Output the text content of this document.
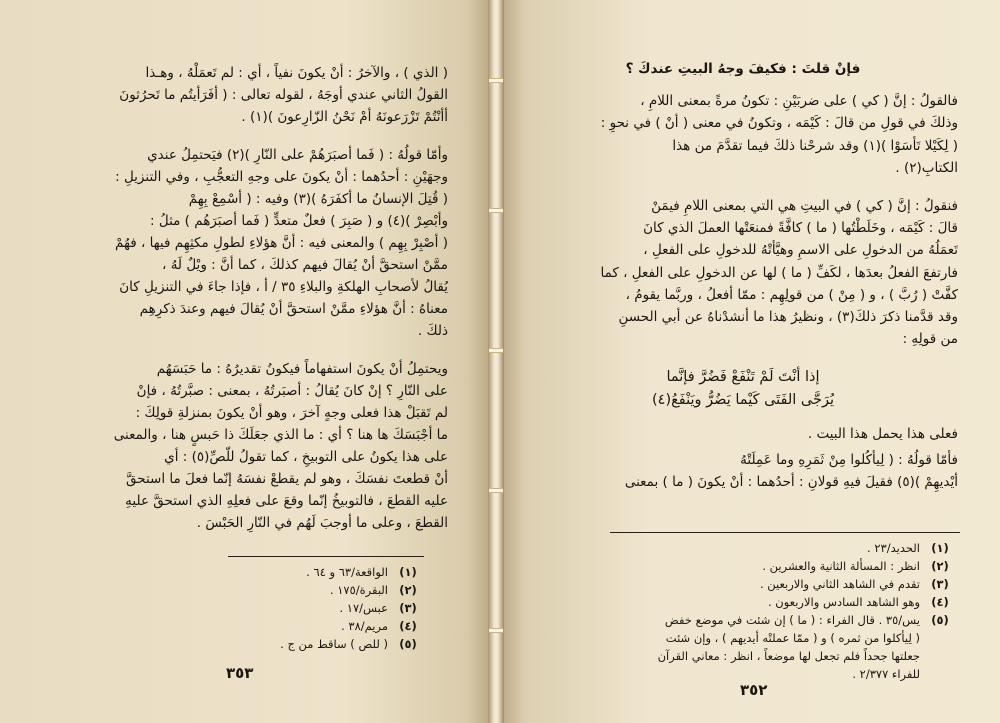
( الذي ) ، والآخرُ : أنْ يكونَ نفياً ، أي : لم تَعمَلْهُ ، وهـذا
القولُ الثاني عندي أوجَهُ ، لقوله تعالى : ( أفَرَأيتُم ما تَحرُثونَ
أأنْتُمْ تَزْرَعونَهُ أمْ نَحْنُ الزّارِعونَ )(١) .
وأمّا قولُهُ : ( فَما أصبَرَهُمْ على النّارِ )(٢) فيَحتمِلُ عندي
وجهَيْنِ : أحدُهما : أنْ يكونَ على وجهِ التعجُّبِ ، وفي التنزيلِ :
( قُتِلَ الإنسانُ ما أكفَرَهُ )(٣) وفيه : ( أسْمِعْ بِهِمْ
وأبْصِرْ )(٤) و ( صَبِرَ ) فعلٌ متعدٍّ ( فَما أصبَرَهُم ) مثلُ :
( أصْبِرْ بِهِم ) والمعنى فيه : أنَّ هؤلاءِ لطولِ مكثِهِم فيها ، فهُمْ
ممَّنْ استحقَّ أنْ يُقالَ فيهم كذلكَ ، كما أنَّ : ويْلٌ لَهُ ،
يُقالُ لأصحابِ الهلكةِ والبلاءِ ٣٥ / أ ، فإذا جاءَ في التنزيلِ كانَ
معناهُ : أنَّ هؤلاءِ ممَّنْ استحقَّ أنْ يُقالَ فيهم وعندَ ذكرِهِم
ذلكَ .
ويحتمِلُ أنْ يكونَ استفهاماً فيكونُ تقديرُهُ : ما حَبَسَهُم
على النّارِ ؟ إنْ كانَ يُقالُ : أصبَرتُهُ ، بمعنى : صبَّرتُهُ ، فإنْ
لم تَقبَلْ هذا فعلى وجهٍ آخرَ ، وهو أنْ يكونَ بمنزلةِ قولِكَ :
ما أجْبَسَكَ ها هنا ؟ أي : ما الذي جعَلَكَ ذا حَبسٍ هنا ، والمعنى
على هذا يكونُ على التوبيخِ ، كما تقولُ للّصِّ(٥) : أي
أنْ قطعتَ نفسَكَ ، وهو لم يقطعْ نفسَهُ إنّما فعلَ ما استحقَّ
عليه القطعَ ، فالتوبيخُ إنّما وقعَ على فعلِهِ الذي استحقَّ عليهِ
القطعَ ، وعلى ما أوجبَ لَهُم في النّارِ الحَبْسَ .
(١)
الواقعة/٦٣ و ٦٤ .
(٢)
البقرة/١٧٥ .
(٣)
عبس/١٧ .
(٤)
مريم/٣٨ .
(٥)
( للص ) ساقط من ج .
٣٥٣
فإنْ قلتَ : فكيفَ وجهُ البيتِ عندكَ ؟
فالقولُ : إنَّ ( كي ) على ضربَيْنِ : تكونُ مرةً بمعنى اللامِ ،
وذلكَ في قولِ من قالَ : كَيْمَه ، وتكونُ في معنى ( أنْ ) في نحوِ :
( لِكَيْلا تَأسَوْا )(١) وقد شرحْنا ذلكَ فيما تقدَّمَ من هذا
الكتابِ(٢) .
فنقولُ : إنَّ ( كي ) في البيتِ هي التي بمعنى اللامِ فيمَنْ
قالَ : كَيْمَه ، وخَلَطْتُها ( ما ) كافَّةً فمنعَتْها العملَ الذي كانَ
تَعمَلُهُ من الدخولِ على الاسمِ وهيَّأتْهُ للدخولِ على الفعلِ ،
فارتفعَ الفعلُ بعدَها ، لكَفِّ ( ما ) لها عن الدخولِ على الفعلِ ، كما
كفَّتْ ( رُبَّ ) ، و ( مِنْ ) من قولِهِم : ممّا أفعلُ ، وربَّما يقومُ ،
وقد قدَّمنا ذكرَ ذلكَ(٣) ، ونظيرُ هذا ما أنشدْناهُ عن أبي الحسنِ
من قولِهِ :
إذا أنْتَ لَمْ تَنْفَعْ فَضُرَّ فإنَّما
يُرَجَّى الفَتَى كَيْما يَضُرُّ ويَنْفَعُ(٤)
فعلى هذا يحمل هذا البيت .
فأمّا قولُهُ : ( لِيأكُلوا مِنْ ثَمَرِهِ وما عَمِلَتْهُ
أيْديهِمْ )(٥) فقيلَ فيهِ قولانِ : أحدُهما : أنْ يكونَ ( ما ) بمعنى
(١)
الحديد/٢٣ .
(٢)
انظر : المسألة الثانية والعشرين .
(٣)
تقدم في الشاهد الثاني والاربعين .
(٤)
وهو الشاهد السادس والاربعون .
(٥)
يس/٣٥ . قال الفراء : ( ما ) إن شئت في موضع خفض
( لِيأكلوا من ثمره ) و ( ممّا عملتْه أيديهم ) ، وإن شئت
جعلتها جحداً فلم تجعل لها موضعاً ، انظر : معاني القرآن
للفراء ٢/٣٧٧ .
٣٥٢
